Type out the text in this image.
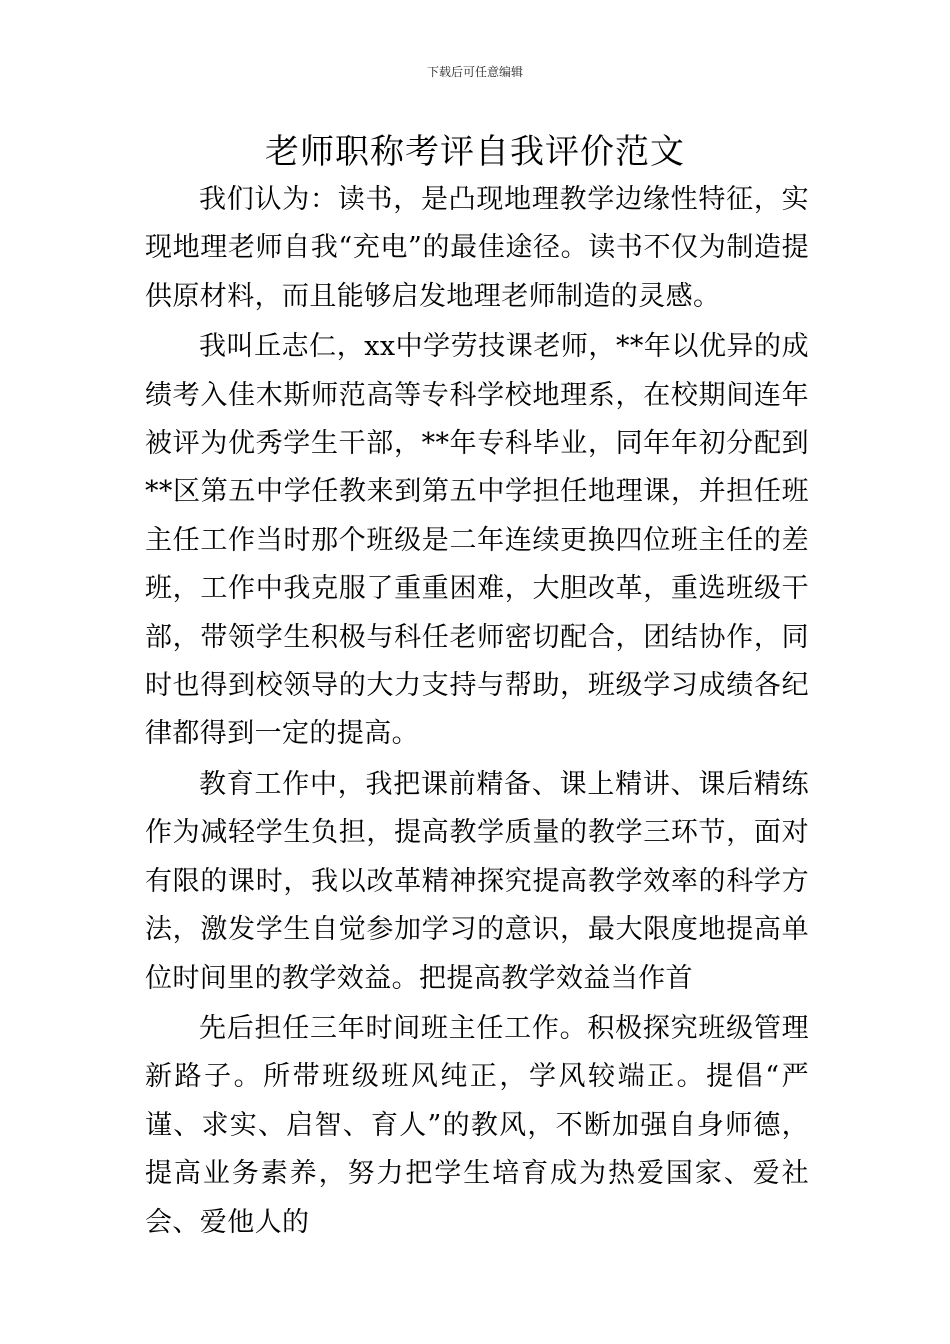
下载后可任意编辑
老师职称考评自我评价范文

我们认为：读书，是凸现地理教学边缘性特征，实现地理老师自我“充电”的最佳途径。读书不仅为制造提供原材料，而且能够启发地理老师制造的灵感。

我叫丘志仁，xx中学劳技课老师，**年以优异的成绩考入佳木斯师范高等专科学校地理系，在校期间连年被评为优秀学生干部，**年专科毕业，同年年初分配到**区第五中学任教来到第五中学担任地理课，并担任班主任工作当时那个班级是二年连续更换四位班主任的差班，工作中我克服了重重困难，大胆改革，重选班级干部，带领学生积极与科任老师密切配合，团结协作，同时也得到校领导的大力支持与帮助，班级学习成绩各纪律都得到一定的提高。

教育工作中，我把课前精备、课上精讲、课后精练作为减轻学生负担，提高教学质量的教学三环节，面对有限的课时，我以改革精神探究提高教学效率的科学方法，激发学生自觉参加学习的意识，最大限度地提高单位时间里的教学效益。把提高教学效益当作首

先后担任三年时间班主任工作。积极探究班级管理新路子。所带班级班风纯正，学风较端正。提倡“严谨、求实、启智、育人”的教风，不断加强自身师德，提高业务素养，努力把学生培育成为热爱国家、爱社会、爱他人的
